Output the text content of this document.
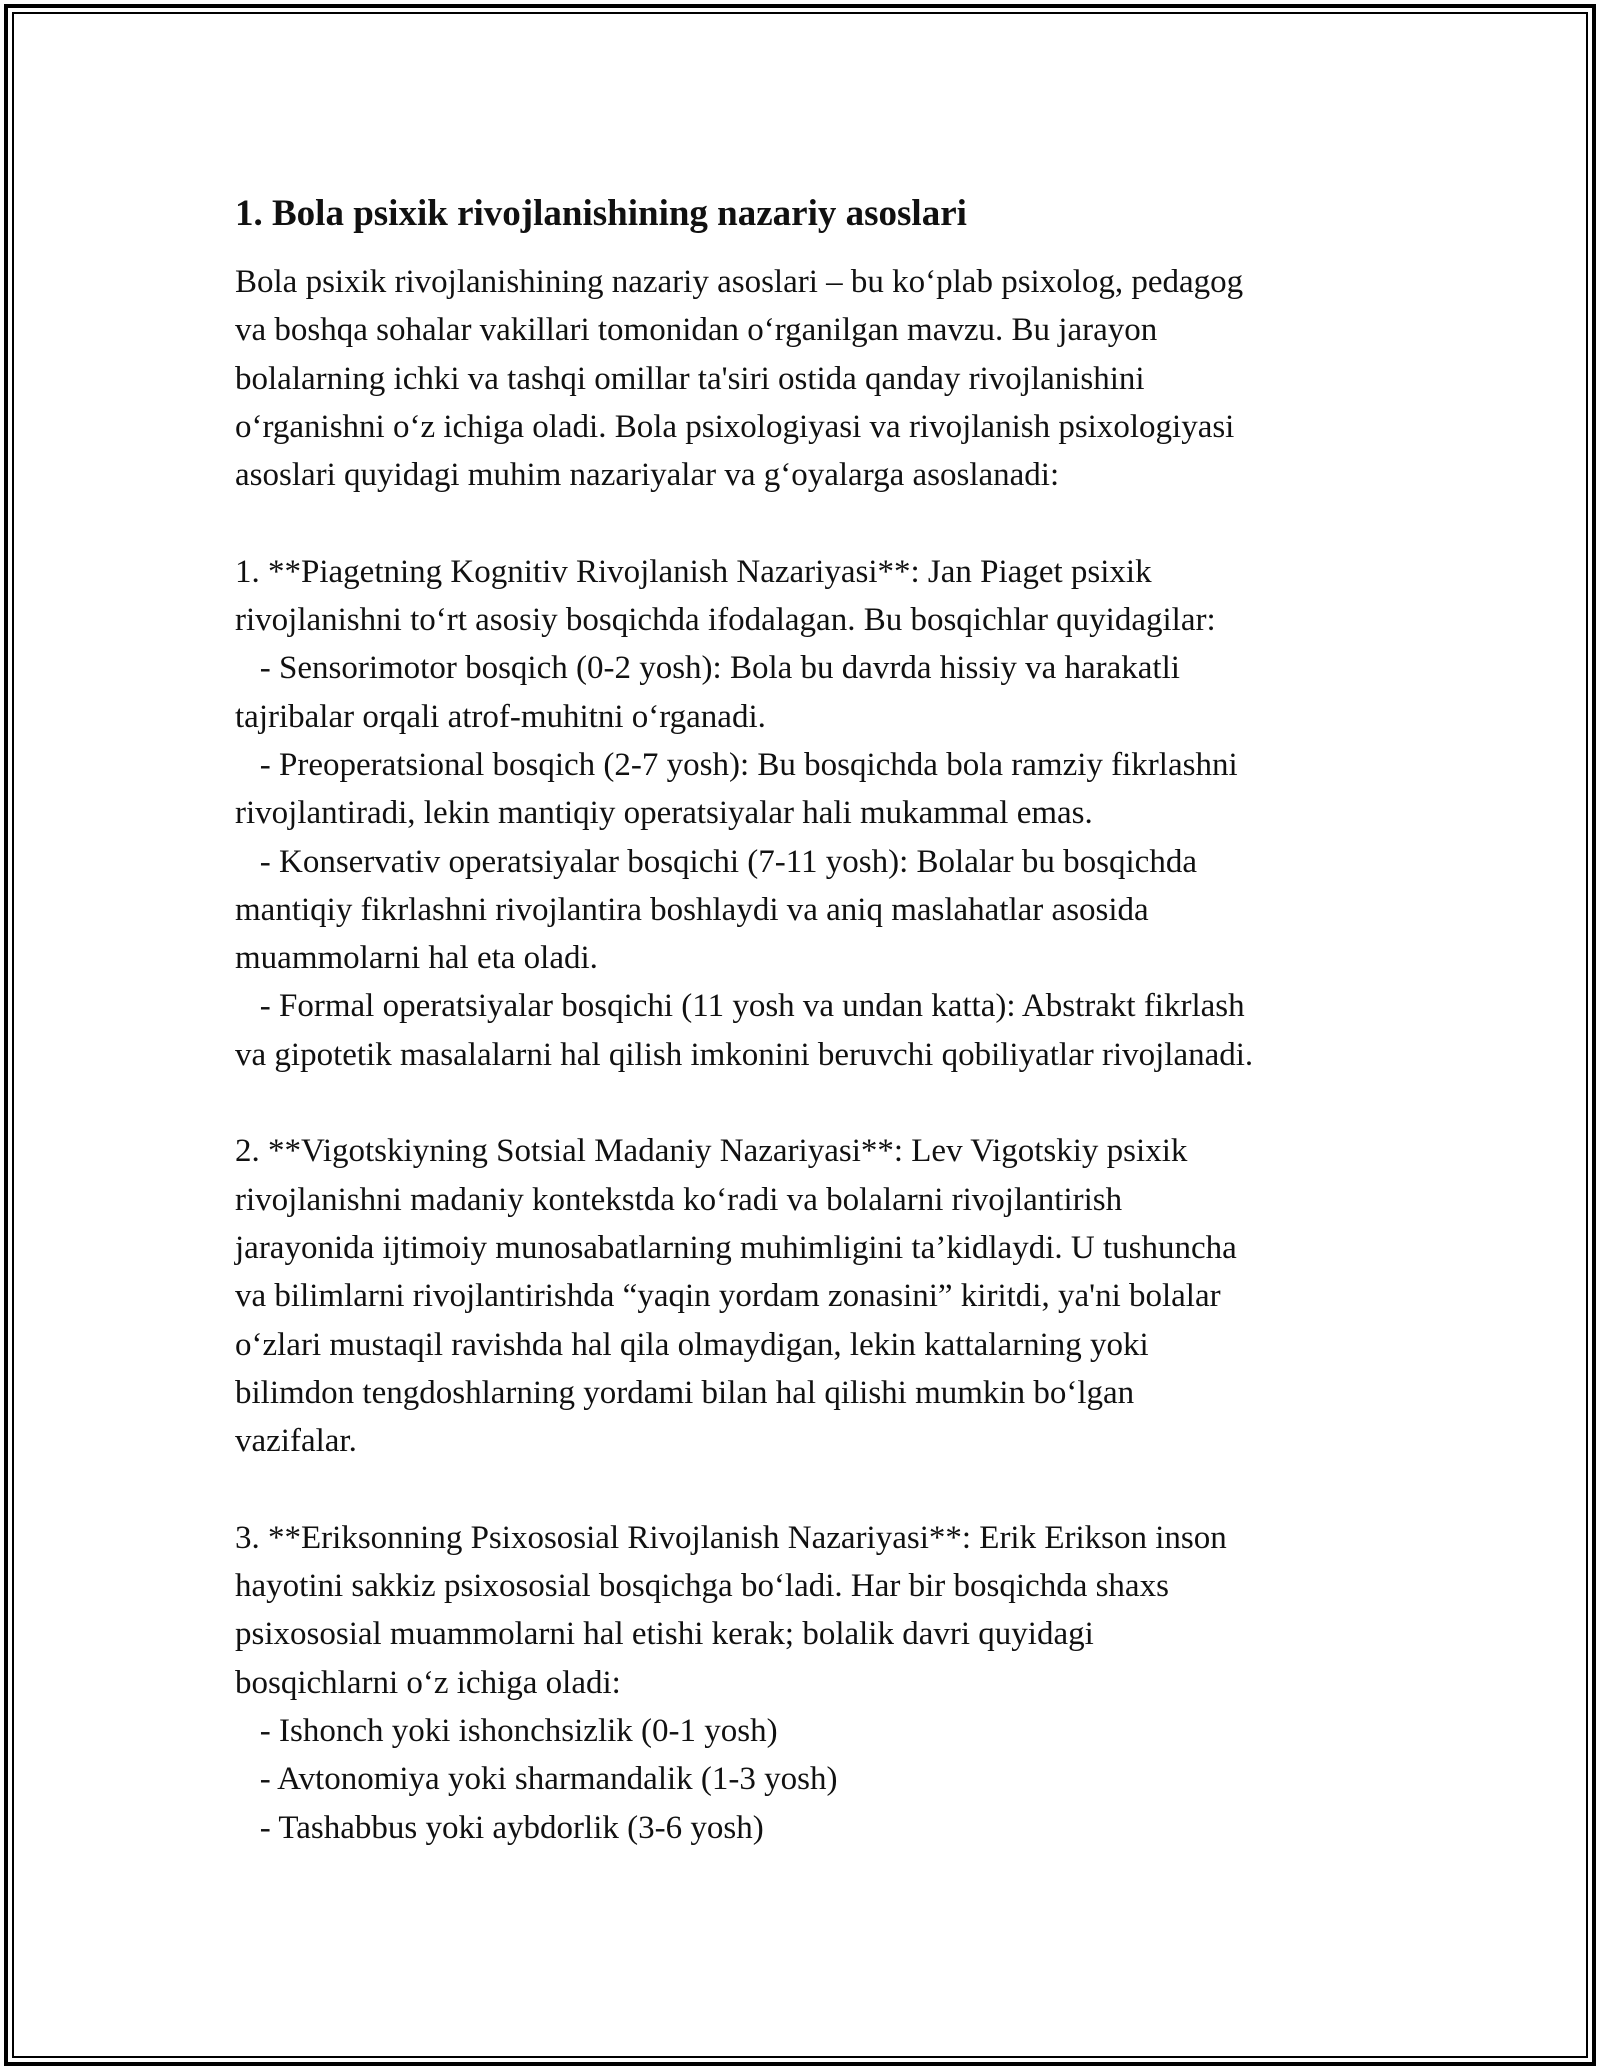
1. Bola psixik rivojlanishining nazariy asoslari

Bola psixik rivojlanishining nazariy asoslari – bu ko‘plab psixolog, pedagog
va boshqa sohalar vakillari tomonidan o‘rganilgan mavzu. Bu jarayon
bolalarning ichki va tashqi omillar ta'siri ostida qanday rivojlanishini
o‘rganishni o‘z ichiga oladi. Bola psixologiyasi va rivojlanish psixologiyasi
asoslari quyidagi muhim nazariyalar va g‘oyalarga asoslanadi:

1. **Piagetning Kognitiv Rivojlanish Nazariyasi**: Jan Piaget psixik
rivojlanishni to‘rt asosiy bosqichda ifodalagan. Bu bosqichlar quyidagilar:
- Sensorimotor bosqich (0-2 yosh): Bola bu davrda hissiy va harakatli
tajribalar orqali atrof-muhitni o‘rganadi.
- Preoperatsional bosqich (2-7 yosh): Bu bosqichda bola ramziy fikrlashni
rivojlantiradi, lekin mantiqiy operatsiyalar hali mukammal emas.
- Konservativ operatsiyalar bosqichi (7-11 yosh): Bolalar bu bosqichda
mantiqiy fikrlashni rivojlantira boshlaydi va aniq maslahatlar asosida
muammolarni hal eta oladi.
- Formal operatsiyalar bosqichi (11 yosh va undan katta): Abstrakt fikrlash
va gipotetik masalalarni hal qilish imkonini beruvchi qobiliyatlar rivojlanadi.

2. **Vigotskiyning Sotsial Madaniy Nazariyasi**: Lev Vigotskiy psixik
rivojlanishni madaniy kontekstda ko‘radi va bolalarni rivojlantirish
jarayonida ijtimoiy munosabatlarning muhimligini ta’kidlaydi. U tushuncha
va bilimlarni rivojlantirishda “yaqin yordam zonasini” kiritdi, ya'ni bolalar
o‘zlari mustaqil ravishda hal qila olmaydigan, lekin kattalarning yoki
bilimdon tengdoshlarning yordami bilan hal qilishi mumkin bo‘lgan
vazifalar.

3. **Eriksonning Psixososial Rivojlanish Nazariyasi**: Erik Erikson inson
hayotini sakkiz psixososial bosqichga bo‘ladi. Har bir bosqichda shaxs
psixososial muammolarni hal etishi kerak; bolalik davri quyidagi
bosqichlarni o‘z ichiga oladi:
- Ishonch yoki ishonchsizlik (0-1 yosh)
- Avtonomiya yoki sharmandalik (1-3 yosh)
- Tashabbus yoki aybdorlik (3-6 yosh)
